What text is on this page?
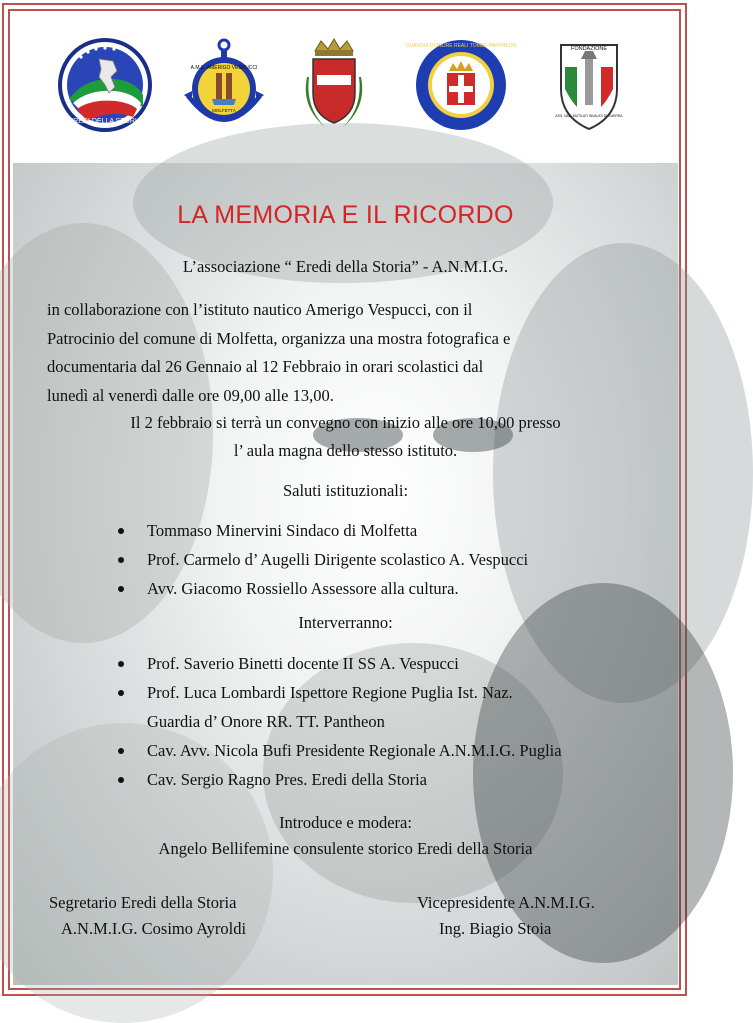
EREDI DELLA STORIA
A.M.S. AMERIGO VESPUCCI
MOLFETTA
GUARDIA D'ONORE REALI TOMBE PANTHEON	FONDAZIONE
ASS. NAZ. MUTILATI INVALIDI DI GUERRA
LA MEMORIA E IL RICORDO
L’associazione “ Eredi della Storia” - A.N.M.I.G.
in collaborazione con l’istituto nautico Amerigo Vespucci, con il
Patrocinio del comune di Molfetta, organizza una mostra fotografica e
documentaria dal 26 Gennaio al 12 Febbraio in orari scolastici dal
lunedì al venerdì dalle ore 09,00 alle 13,00.
Il 2 febbraio si terrà un convegno con inizio alle ore 10,00 presso
l’ aula magna dello stesso istituto.
Saluti istituzionali:
Tommaso Minervini Sindaco di Molfetta
Prof. Carmelo d’ Augelli Dirigente scolastico A. Vespucci
Avv. Giacomo Rossiello Assessore alla cultura.
Interverranno:
Prof. Saverio Binetti docente II SS A. Vespucci
Prof. Luca Lombardi Ispettore Regione Puglia Ist. Naz.
Guardia d’ Onore RR. TT. Pantheon
Cav. Avv. Nicola Bufi Presidente Regionale A.N.M.I.G. Puglia
Cav. Sergio Ragno Pres. Eredi della Storia
Introduce e modera:
Angelo Bellifemine consulente storico Eredi della Storia
Segretario Eredi della Storia
A.N.M.I.G. Cosimo Ayroldi
Vicepresidente A.N.M.I.G.
Ing. Biagio Stoia
